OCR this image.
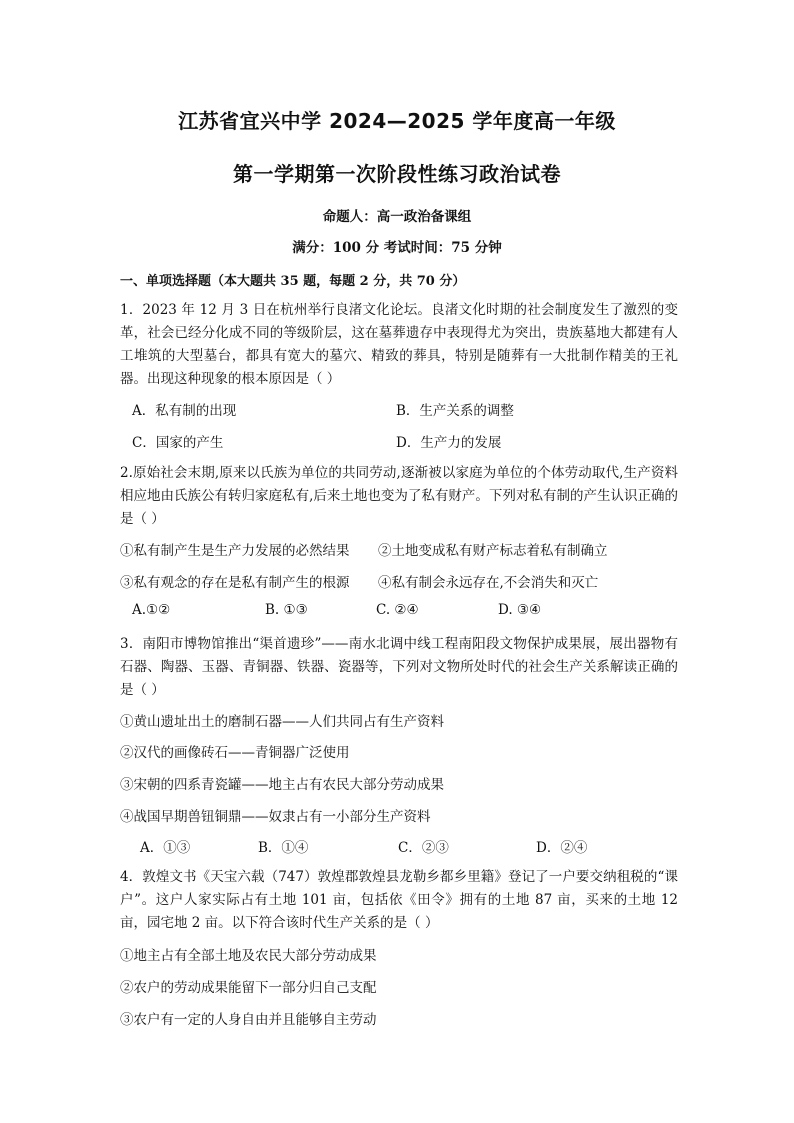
江苏省宜兴中学 2024—2025 学年度高一年级
第一学期第一次阶段性练习政治试卷
命题人：高一政治备课组
满分：100 分 考试时间：75 分钟
一、单项选择题（本大题共 35 题，每题 2 分，共 70 分）
1．2023 年 12 月 3 日在杭州举行良渚文化论坛。良渚文化时期的社会制度发生了激烈的变革，社会已经分化成不同的等级阶层，这在墓葬遗存中表现得尤为突出，贵族墓地大都建有人工堆筑的大型墓台，都具有宽大的墓穴、精致的葬具，特别是随葬有一大批制作精美的王礼器。出现这种现象的根本原因是（ ）
A．私有制的出现	B．生产关系的调整
C．国家的产生	D．生产力的发展
2.原始社会末期,原来以氏族为单位的共同劳动,逐渐被以家庭为单位的个体劳动取代,生产资料相应地由氏族公有转归家庭私有,后来土地也变为了私有财产。下列对私有制的产生认识正确的是（ ）
①私有制产生是生产力发展的必然结果 ②土地变成私有财产标志着私有制确立
③私有观念的存在是私有制产生的根源 ④私有制会永远存在,不会消失和灭亡
A.①②	B. ①③	C. ②④	D. ③④
3．南阳市博物馆推出“渠首遗珍”——南水北调中线工程南阳段文物保护成果展，展出器物有石器、陶器、玉器、青铜器、铁器、瓷器等，下列对文物所处时代的社会生产关系解读正确的是（ ）
①黄山遗址出土的磨制石器——人们共同占有生产资料
②汉代的画像砖石——青铜器广泛使用
③宋朝的四系青瓷罐——地主占有农民大部分劳动成果
④战国早期兽钮铜鼎——奴隶占有一小部分生产资料
A．①③	B．①④	C．②③	D．②④
4．敦煌文书《天宝六载（747）敦煌郡敦煌县龙勒乡都乡里籍》登记了一户要交纳租税的“课户”。这户人家实际占有土地 101 亩，包括依《田令》拥有的土地 87 亩，买来的土地 12 亩，园宅地 2 亩。以下符合该时代生产关系的是（ ）
①地主占有全部土地及农民大部分劳动成果
②农户的劳动成果能留下一部分归自己支配
③农户有一定的人身自由并且能够自主劳动
